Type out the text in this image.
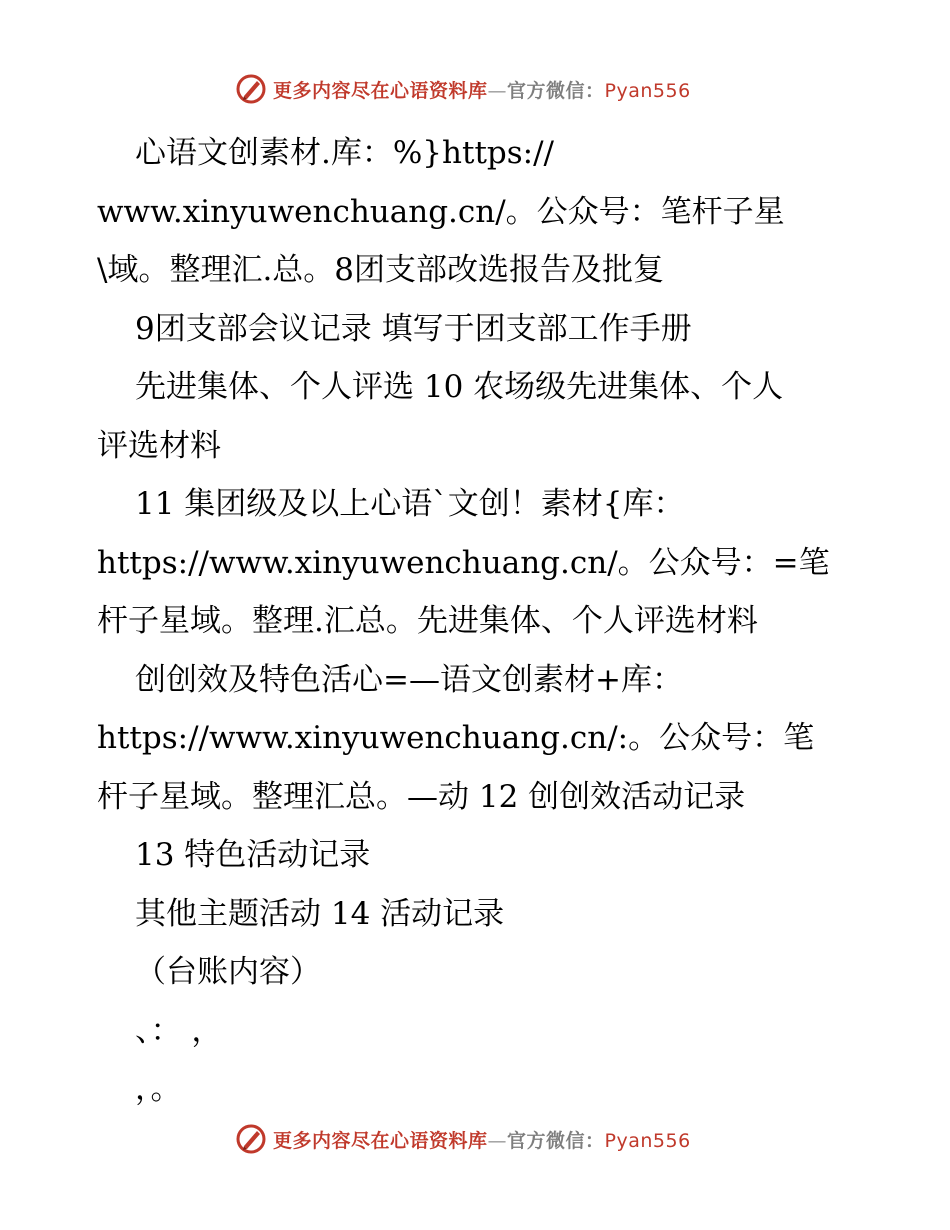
更多内容尽在心语资料库—官方微信：Pyan556
心语文创素材.库：%}https://
www.xinyuwenchuang.cn/。公众号：笔杆子星
\域。整理汇.总。8团支部改选报告及批复
9团支部会议记录 填写于团支部工作手册
先进集体、个人评选 10 农场级先进集体、个人
评选材料
11 集团级及以上心语`文创！素材{库：
https://www.xinyuwenchuang.cn/。公众号：=笔
杆子星域。整理.汇总。先进集体、个人评选材料
创创效及特色活心=—语文创素材+库：
https://www.xinyuwenchuang.cn/:。公众号：笔
杆子星域。整理汇总。—动 12 创创效活动记录
13 特色活动记录
其他主题活动 14 活动记录
（台账内容）
、： ，
，。
更多内容尽在心语资料库—官方微信：Pyan556
